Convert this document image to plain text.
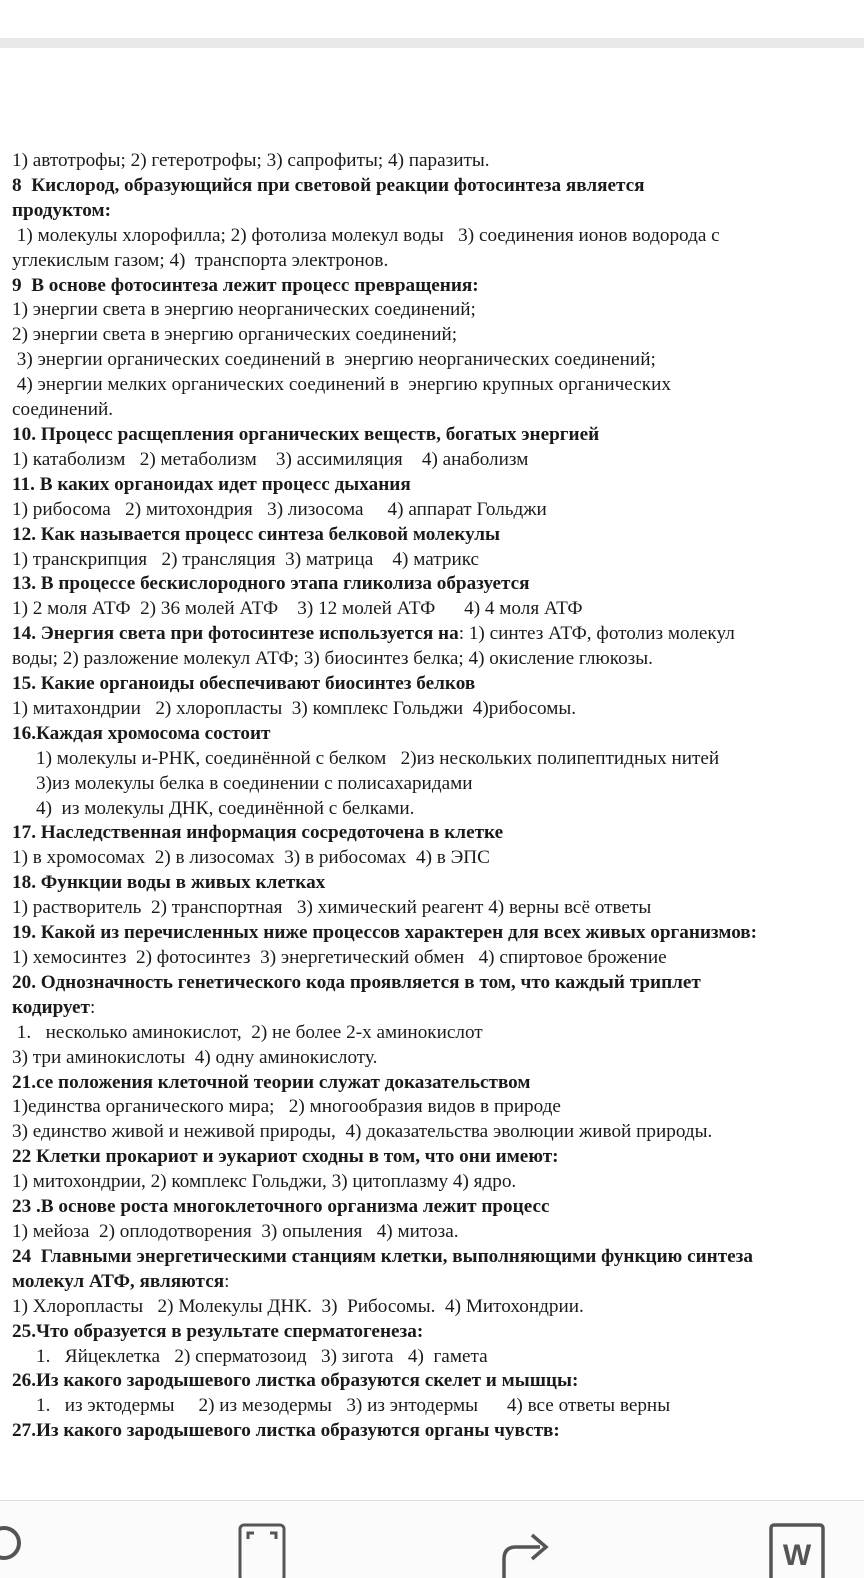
1) автотрофы; 2) гетеротрофы; 3) сапрофиты; 4) паразиты.
8  Кислород, образующийся при световой реакции фотосинтеза является
продуктом:
1) молекулы хлорофилла; 2) фотолиза молекул воды   3) соединения ионов водорода с
углекислым газом; 4)  транспорта электронов.
9  В основе фотосинтеза лежит процесс превращения:
1) энергии света в энергию неорганических соединений;
2) энергии света в энергию органических соединений;
3) энергии органических соединений в  энергию неорганических соединений;
4) энергии мелких органических соединений в  энергию крупных органических
соединений.
10. Процесс расщепления органических веществ, богатых энергией
1) катаболизм   2) метаболизм    3) ассимиляция    4) анаболизм
11. В каких органоидах идет процесс дыхания
1) рибосома   2) митохондрия   3) лизосома     4) аппарат Гольджи
12. Как называется процесс синтеза белковой молекулы
1) транскрипция   2) трансляция  3) матрица    4) матрикс
13. В процессе бескислородного этапа гликолиза образуется
1) 2 моля АТФ  2) 36 молей АТФ    3) 12 молей АТФ      4) 4 моля АТФ
14. Энергия света при фотосинтезе используется на: 1) синтез АТФ, фотолиз молекул
воды; 2) разложение молекул АТФ; 3) биосинтез белка; 4) окисление глюкозы.
15. Какие органоиды обеспечивают биосинтез белков
1) митахондрии   2) хлоропласты  3) комплекс Гольджи  4)рибосомы.
16.Каждая хромосома состоит
1) молекулы и-РНК, соединённой с белком   2)из нескольких полипептидных нитей
3)из молекулы белка в соединении с полисахаридами
4)  из молекулы ДНК, соединённой с белками.
17. Наследственная информация сосредоточена в клетке
1) в хромосомах  2) в лизосомах  3) в рибосомах  4) в ЭПС
18. Функции воды в живых клетках
1) растворитель  2) транспортная   3) химический реагент 4) верны всё ответы
19. Какой из перечисленных ниже процессов характерен для всех живых организмов:
1) хемосинтез  2) фотосинтез  3) энергетический обмен   4) спиртовое брожение
20. Однозначность генетического кода проявляется в том, что каждый триплет
кодирует:
1.   несколько аминокислот,  2) не более 2-х аминокислот
3) три аминокислоты  4) одну аминокислоту.
21.се положения клеточной теории служат доказательством
1)единства органического мира;   2) многообразия видов в природе
3) единство живой и неживой природы,  4) доказательства эволюции живой природы.
22 Клетки прокариот и эукариот сходны в том, что они имеют:
1) митохондрии, 2) комплекс Гольджи, 3) цитоплазму 4) ядро.
23 .В основе роста многоклеточного организма лежит процесс
1) мейоза  2) оплодотворения  3) опыления   4) митоза.
24  Главными энергетическими станциям клетки, выполняющими функцию синтеза
молекул АТФ, являются:
1) Хлоропласты   2) Молекулы ДНК.  3)  Рибосомы.  4) Митохондрии.
25.Что образуется в результате сперматогенеза:
1.   Яйцеклетка   2) сперматозоид   3) зигота   4)  гамета
26.Из какого зародышевого листка образуются скелет и мышцы:
1.   из эктодермы     2) из мезодермы   3) из энтодермы      4) все ответы верны
27.Из какого зародышевого листка образуются органы чувств:
W
